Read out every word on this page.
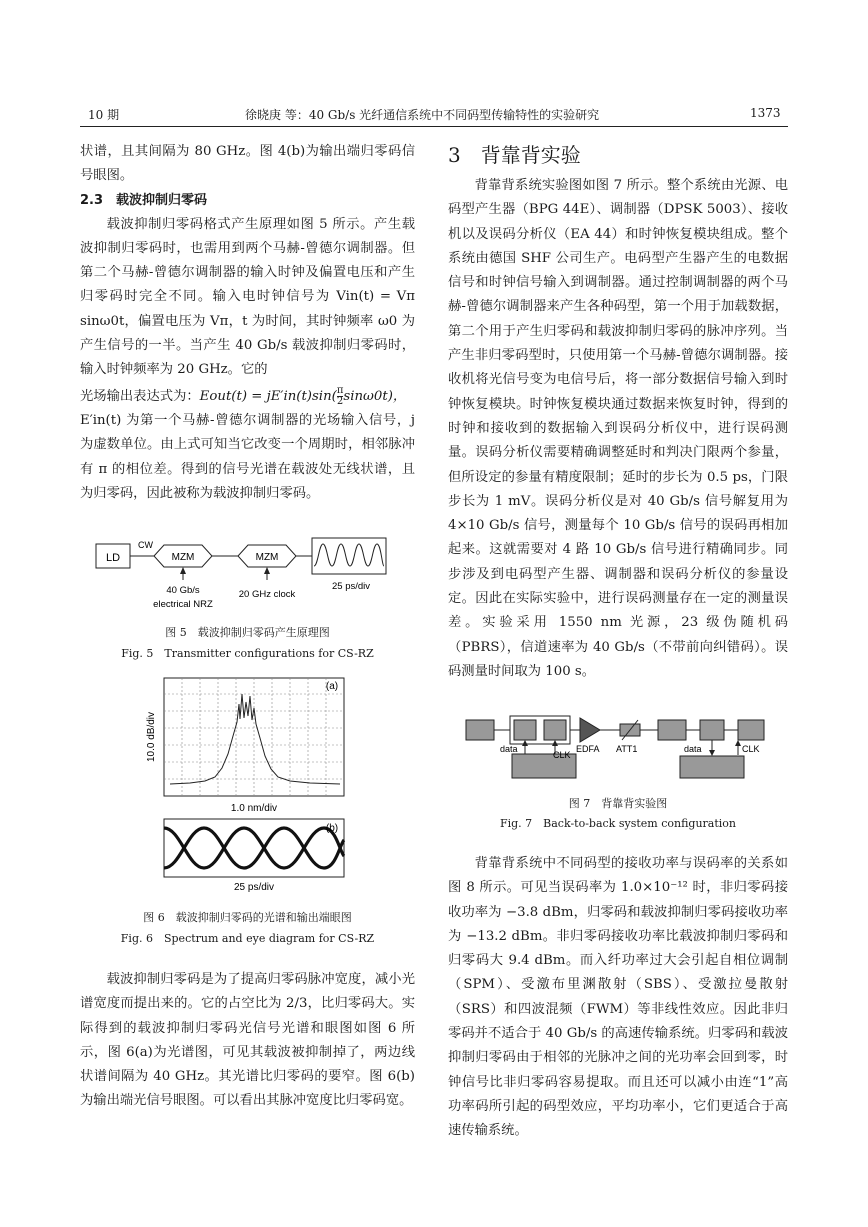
10 期	徐晓庚 等：40 Gb/s 光纤通信系统中不同码型传输特性的实验研究	1373

状谱，且其间隔为 80 GHz。图 4(b)为输出端归零码信号眼图。

2.3　载波抑制归零码

载波抑制归零码格式产生原理如图 5 所示。产生载波抑制归零码时，也需用到两个马赫-曾德尔调制器。但第二个马赫-曾德尔调制器的输入时钟及偏置电压和产生归零码时完全不同。输入电时钟信号为 Vin(t) = Vπ sinω0t，偏置电压为 Vπ，t 为时间，其时钟频率 ω0 为产生信号的一半。当产生 40 Gb/s 载波抑制归零码时，输入时钟频率为 20 GHz。它的

光场输出表达式为：Eout(t) = $jE'in(t)\sin( \frac{\pi}{2} \sin\omega 0t)$，

E′in(t) 为第一个马赫-曾德尔调制器的光场输入信号，j 为虚数单位。由上式可知当它改变一个周期时，相邻脉冲有 π 的相位差。得到的信号光谱在载波处无线状谱，且为归零码，因此被称为载波抑制归零码。

LD
CW
MZM	MZM
40 Gb/s
electrical NRZ
20 GHz clock
25 ps/div
图 5　载波抑制归零码产生原理图
Fig. 5　Transmitter configurations for CS-RZ
(a)
10.0 dB/div
1.0 nm/div
(b)
25 ps/div
图 6　载波抑制归零码的光谱和输出端眼图
Fig. 6　Spectrum and eye diagram for CS-RZ

载波抑制归零码是为了提高归零码脉冲宽度，减小光谱宽度而提出来的。它的占空比为 2/3，比归零码大。实际得到的载波抑制归零码光信号光谱和眼图如图 6 所示，图 6(a)为光谱图，可见其载波被抑制掉了，两边线状谱间隔为 40 GHz。其光谱比归零码的要窄。图 6(b)为输出端光信号眼图。可以看出其脉冲宽度比归零码宽。

3　背靠背实验

背靠背系统实验图如图 7 所示。整个系统由光源、电码型产生器（BPG 44E）、调制器（DPSK 5003）、接收机以及误码分析仪（EA 44）和时钟恢复模块组成。整个系统由德国 SHF 公司生产。电码型产生器产生的电数据信号和时钟信号输入到调制器。通过控制调制器的两个马赫-曾德尔调制器来产生各种码型，第一个用于加载数据，第二个用于产生归零码和载波抑制归零码的脉冲序列。当产生非归零码型时，只使用第一个马赫-曾德尔调制器。接收机将光信号变为电信号后，将一部分数据信号输入到时钟恢复模块。时钟恢复模块通过数据来恢复时钟，得到的时钟和接收到的数据输入到误码分析仪中，进行误码测量。误码分析仪需要精确调整延时和判决门限两个参量，但所设定的参量有精度限制；延时的步长为 0.5 ps，门限步长为 1 mV。误码分析仪是对 40 Gb/s 信号解复用为 4×10 Gb/s 信号，测量每个 10 Gb/s 信号的误码再相加起来。这就需要对 4 路 10 Gb/s 信号进行精确同步。同步涉及到电码型产生器、调制器和误码分析仪的参量设定。因此在实际实验中，进行误码测量存在一定的测量误差。实验采用 1550 nm 光源，23 级伪随机码（PBRS），信道速率为 40 Gb/s（不带前向纠错码）。误码测量时间取为 100 s。

data
CLK
EDFA ATT1	data	CLK
图 7　背靠背实验图
Fig. 7　Back-to-back system configuration

背靠背系统中不同码型的接收功率与误码率的关系如图 8 所示。可见当误码率为 1.0×10⁻¹² 时，非归零码接收功率为 −3.8 dBm，归零码和载波抑制归零码接收功率为 −13.2 dBm。非归零码接收功率比载波抑制归零码和归零码大 9.4 dBm。而入纤功率过大会引起自相位调制（SPM）、受激布里渊散射（SBS）、受激拉曼散射（SRS）和四波混频（FWM）等非线性效应。因此非归零码并不适合于 40 Gb/s 的高速传输系统。归零码和载波抑制归零码由于相邻的光脉冲之间的光功率会回到零，时钟信号比非归零码容易提取。而且还可以减小由连“1”高功率码所引起的码型效应，平均功率小，它们更适合于高速传输系统。
